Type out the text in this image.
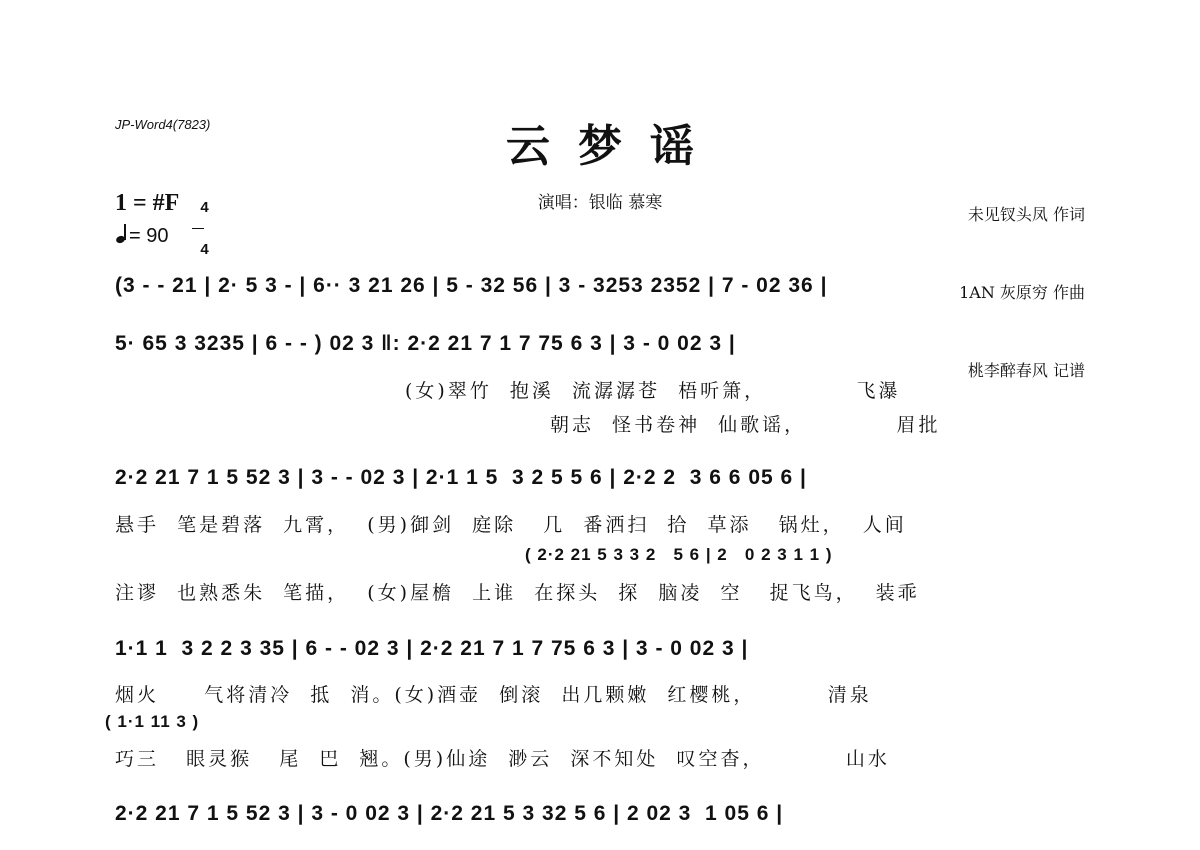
JP-Word4(7823)	云梦谣
演唱：银临 慕寒

未见钗头凤 作词

1AN 灰原穷 作曲

桃李醉春风 记谱

1 = #F	4

4

= 90
(3 - - 21 | 2· 5 3 - | 6·· 3 21 26 | 5 - 32 56 | 3 - 3253 2352 | 7 - 02 36 |
5· 65 3 3235 | 6 - - ) 02 3 ‖: 2·2 21 7 1 7 75 6 3 | 3 - 0 02 3 |
(女)翠竹  抱溪  流潺潺苍  梧听箫，          飞瀑
朝志  怪书卷神  仙歌谣，          眉批
2·2 21 7 1 5 52 3 | 3 - - 02 3 | 2·1 1 5  3 2 5 5 6 | 2·2 2  3 6 6 05 6 |
悬手  笔是碧落  九霄，  (男)御剑  庭除   几  番洒扫  拾  草添   锅灶，  人间
( 2·2 21 5 3 3 2   5 6 | 2   0 2 3 1 1 )
注谬  也熟悉朱  笔描，  (女)屋檐  上谁  在探头  探  脑凌  空   捉飞鸟，  装乖
1·1 1  3 2 2 3 35 | 6 - - 02 3 | 2·2 21 7 1 7 75 6 3 | 3 - 0 02 3 |
烟火     气将清冷  抵  消。(女)酒壶  倒滚  出几颗嫩  红樱桃，        清泉
( 1·1 11 3 )
巧三   眼灵猴   尾  巴  翘。(男)仙途  渺云  深不知处  叹空杳，         山水
2·2 21 7 1 5 52 3 | 3 - 0 02 3 | 2·2 21 5 3 32 5 6 | 2 02 3  1 05 6 |
